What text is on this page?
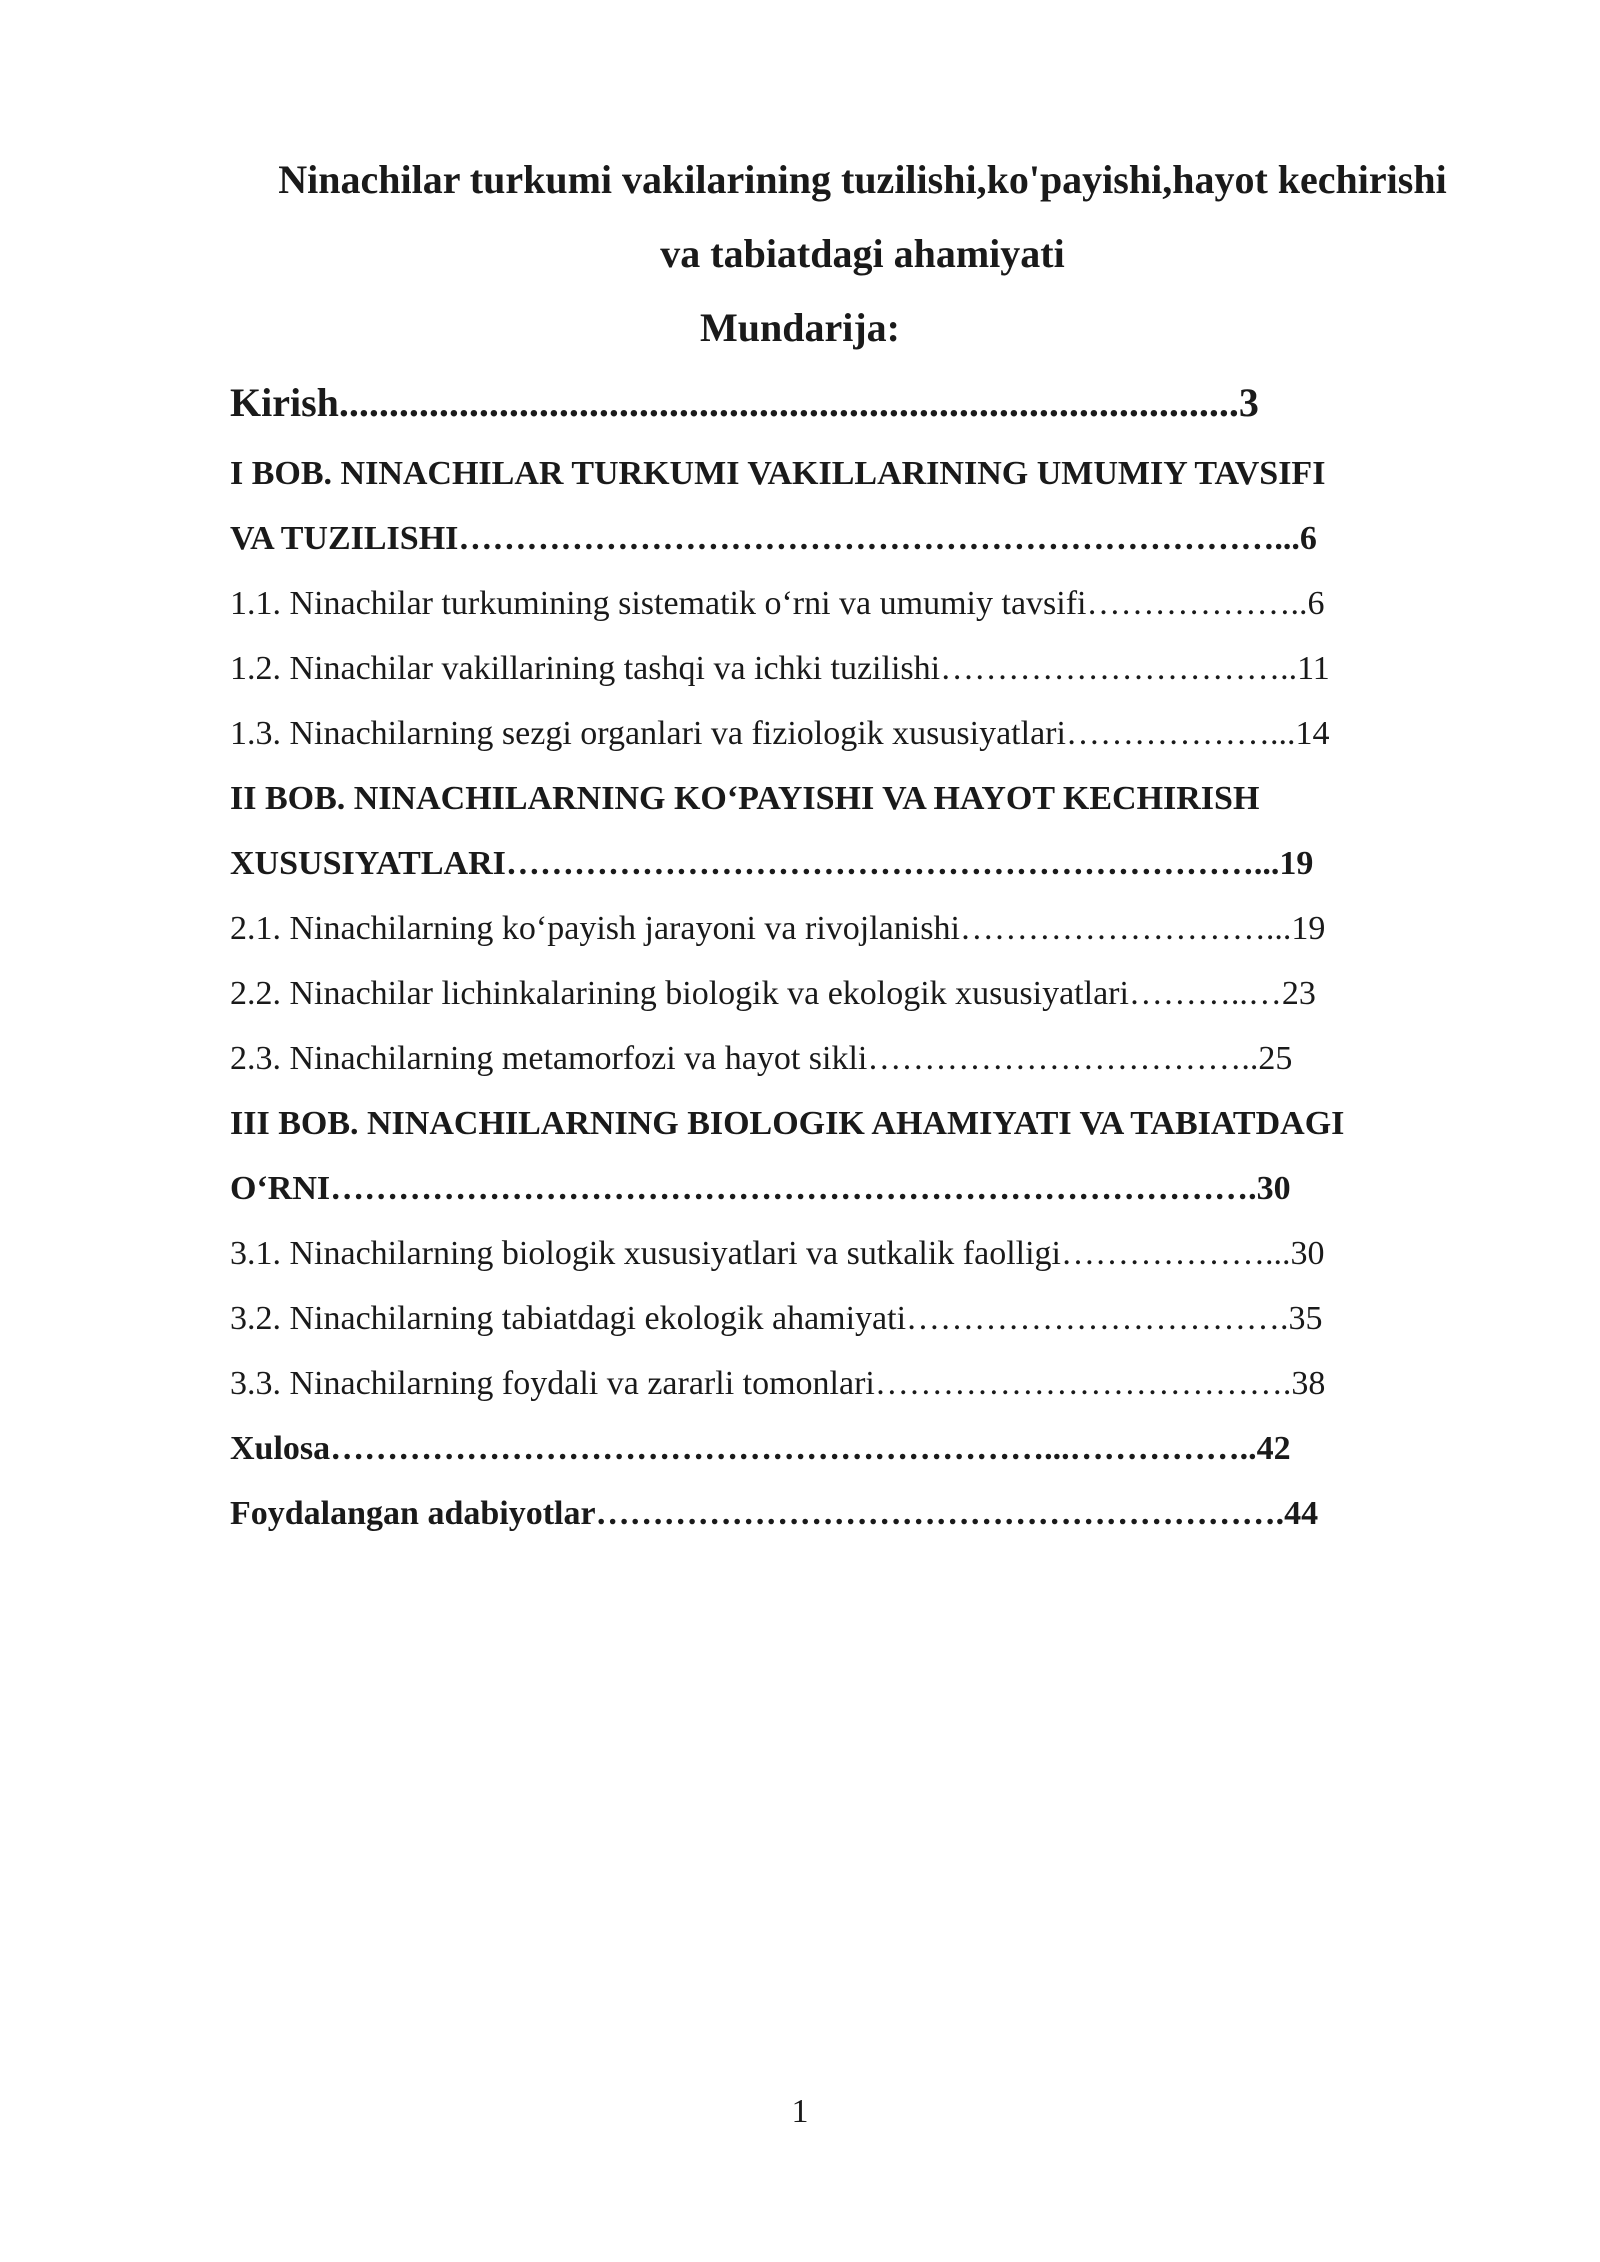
Ninachilar turkumi vakilarining tuzilishi,ko'payishi,hayot kechirishi
va tabiatdagi ahamiyati
Mundarija:
Kirish..........................................................................................3
I BOB. NINACHILAR TURKUMI VAKILLARINING UMUMIY TAVSIFI
VA TUZILISHI………………………………………………………………...6
1.1. Ninachilar turkumining sistematik oʻrni va umumiy tavsifi………………..6
1.2. Ninachilar vakillarining tashqi va ichki tuzilishi…………………………..11
1.3. Ninachilarning sezgi organlari va fiziologik xususiyatlari………………...14
II BOB. NINACHILARNING KOʻPAYISHI VA HAYOT KECHIRISH
XUSUSIYATLARI…………………………………………………………...19
2.1. Ninachilarning koʻpayish jarayoni va rivojlanishi………………………...19
2.2. Ninachilar lichinkalarining biologik va ekologik xususiyatlari………..…23
2.3. Ninachilarning metamorfozi va hayot sikli……………………………..25
III BOB. NINACHILARNING BIOLOGIK AHAMIYATI VA TABIATDAGI
OʻRNI……………………………………………………………………….30
3.1. Ninachilarning biologik xususiyatlari va sutkalik faolligi………………...30
3.2. Ninachilarning tabiatdagi ekologik ahamiyati…………………………….35
3.3. Ninachilarning foydali va zararli tomonlari……………………………….38
Xulosa………………………………………………………...……………..42
Foydalangan adabiyotlar…………………………………………………….44
1
